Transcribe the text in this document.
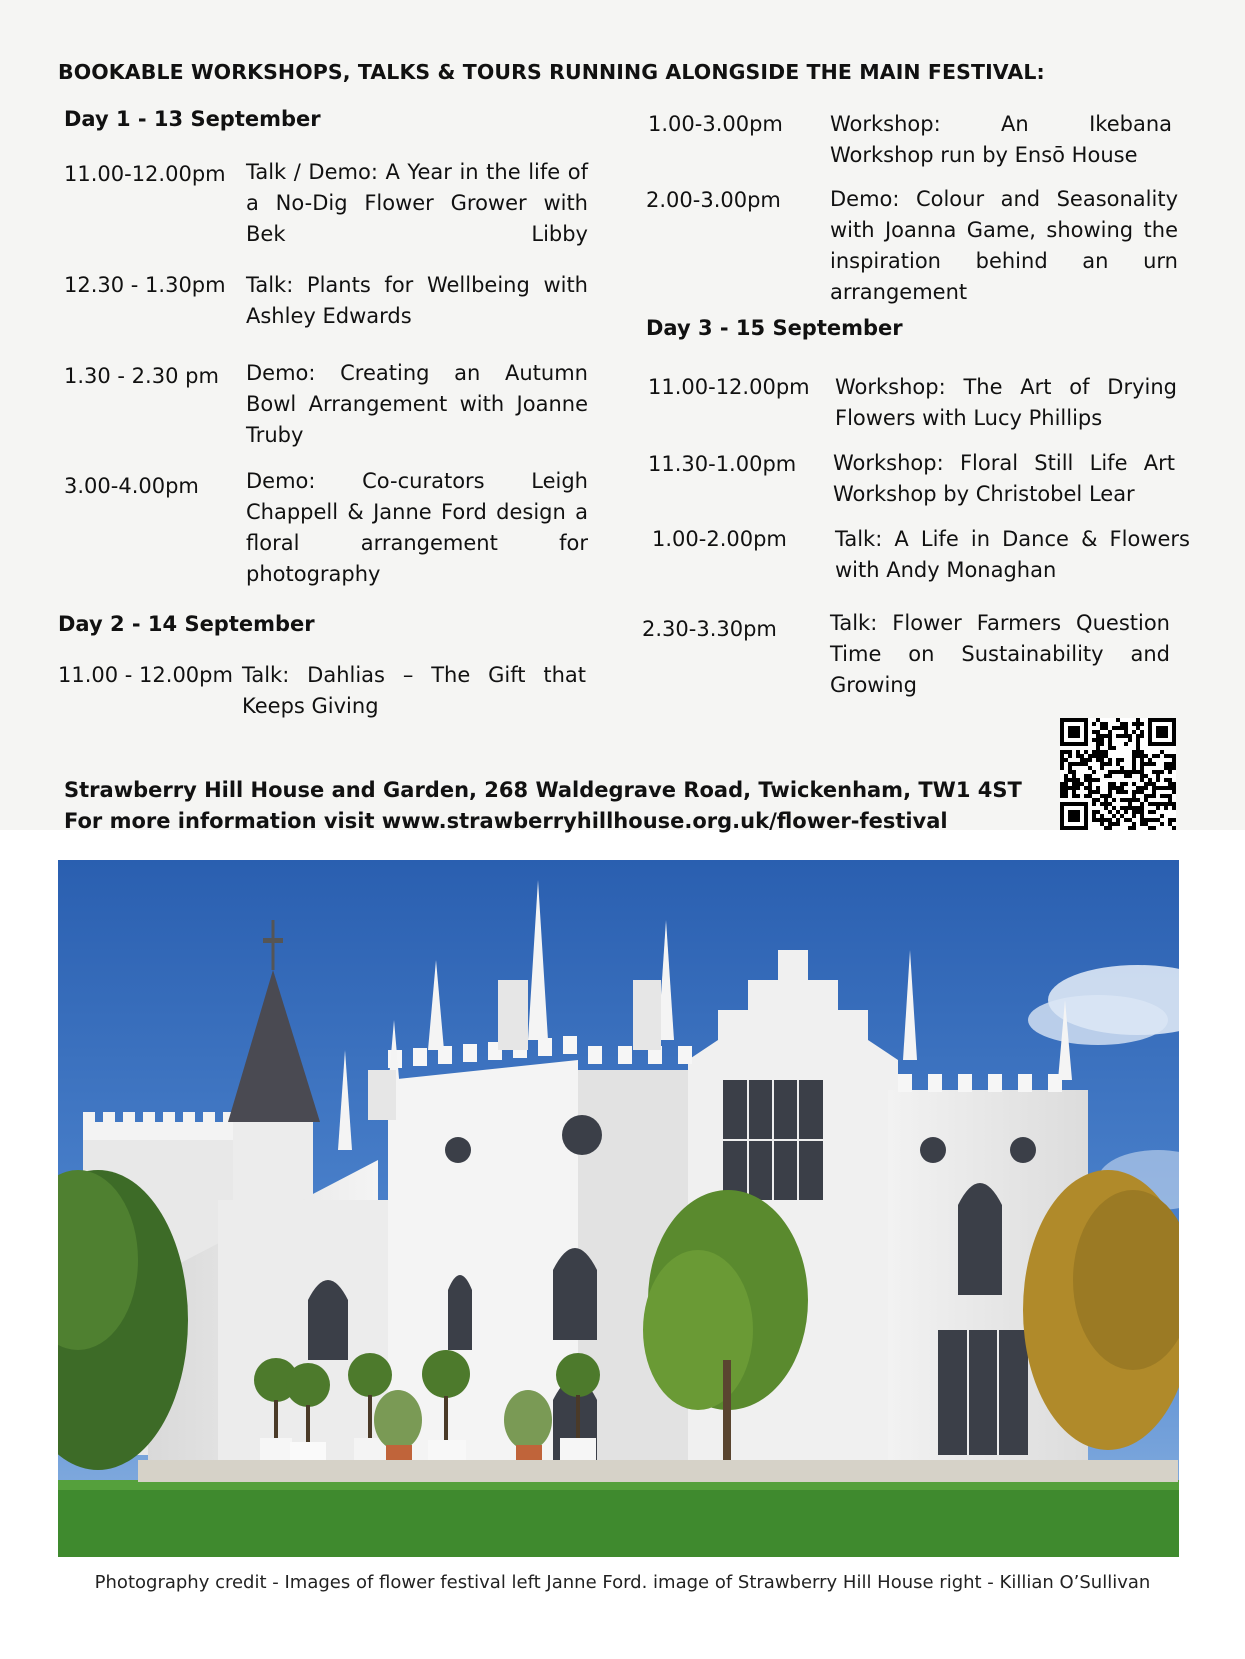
BOOKABLE WORKSHOPS, TALKS & TOURS RUNNING ALONGSIDE THE MAIN FESTIVAL:
Day 1 - 13 September
11.00-12.00pm Talk / Demo: A Year in the life of a No-Dig Flower Grower with Bek Libby
12.30 - 1.30pm Talk: Plants for Wellbeing with Ashley Edwards
1.30 - 2.30 pm Demo: Creating an Autumn Bowl Arrangement with Joanne Truby
3.00-4.00pm Demo: Co-curators Leigh Chappell & Janne Ford design a floral arrangement for photography
Day 2 - 14 September
11.00 - 12.00pm Talk: Dahlias – The Gift that Keeps Giving
1.00-3.00pm Workshop: An Ikebana Workshop run by Ensō House
2.00-3.00pm Demo: Colour and Seasonality with Joanna Game, showing the inspiration behind an urn arrangement
Day 3 - 15 September
11.00-12.00pm Workshop: The Art of Drying Flowers with Lucy Phillips
11.30-1.00pm Workshop: Floral Still Life Art Workshop by Christobel Lear
1.00-2.00pm Talk: A Life in Dance & Flowers with Andy Monaghan
2.30-3.30pm	Talk: Flower Farmers Question Time on Sustainability and Growing
Strawberry Hill House and Garden, 268 Waldegrave Road, Twickenham, TW1 4ST
For more information visit www.strawberryhillhouse.org.uk/flower-festival
Photography credit - Images of flower festival left Janne Ford. image of Strawberry Hill House right - Killian O’Sullivan
